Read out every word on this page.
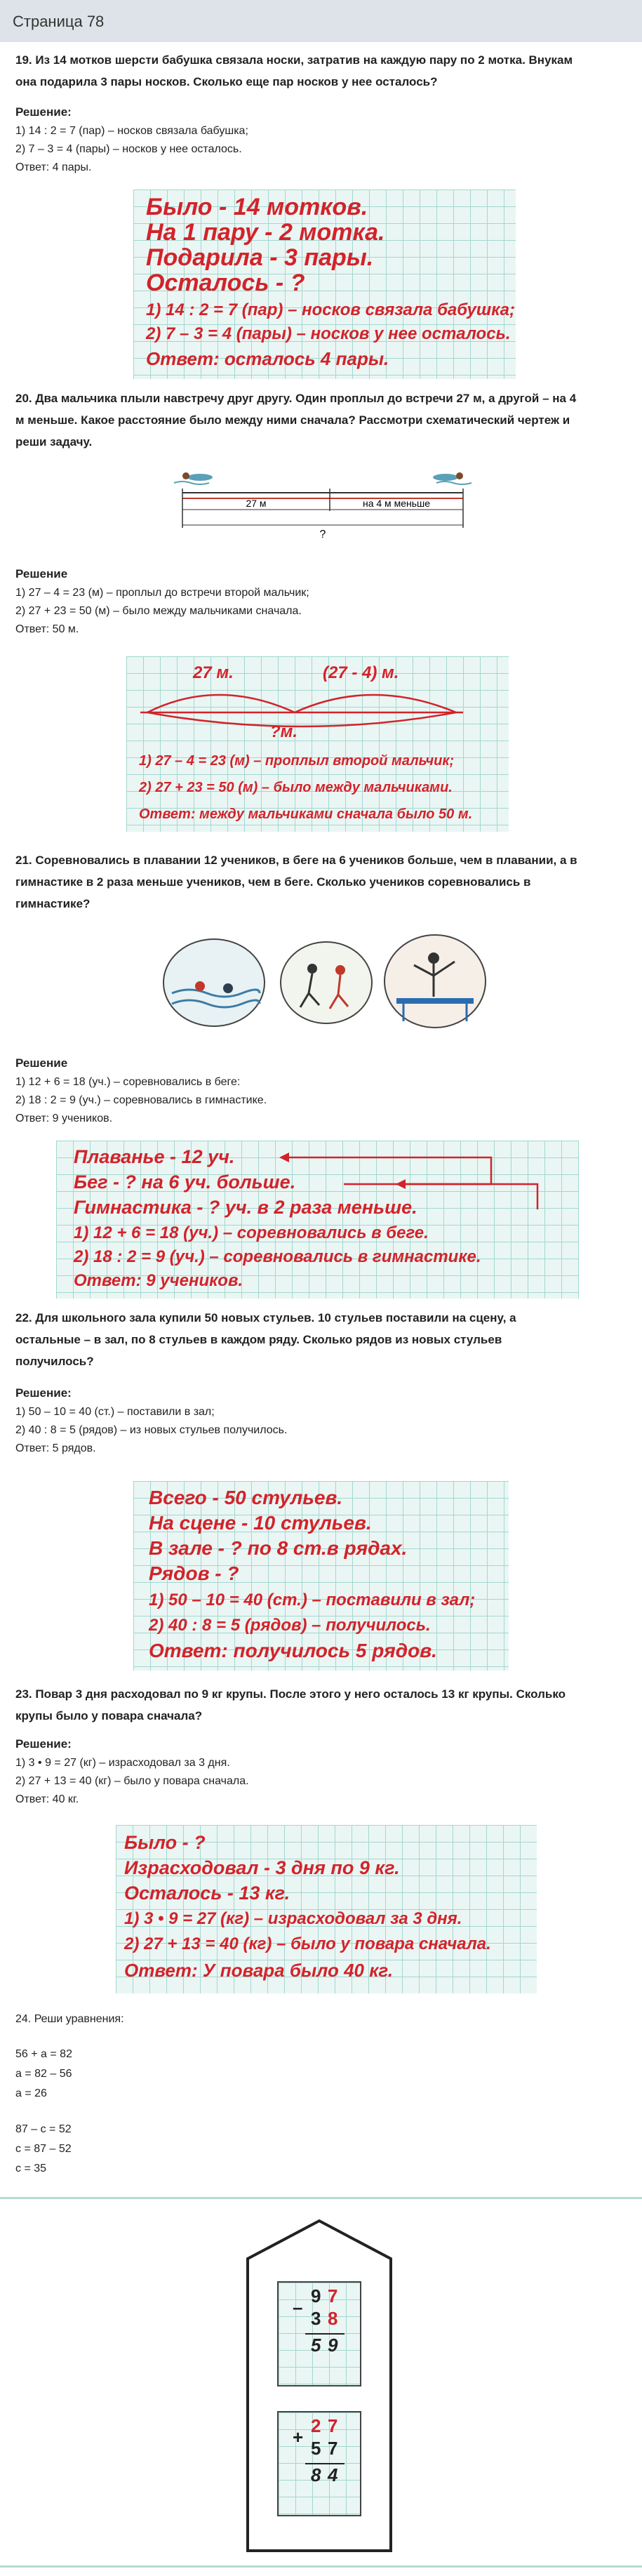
Страница 78
19. Из 14 мотков шерсти бабушка связала носки, затратив на каждую пару по 2 мотка. Внукам
она подарила 3 пары носков. Сколько еще пар носков у нее осталось?
Решение:
1) 14 : 2 = 7 (пар) – носков связала бабушка;
2) 7 – 3 = 4 (пары) – носков у нее осталось.
Ответ: 4 пары.
Было - 14 мотков.
На 1 пару - 2 мотка.
Подарила - 3 пары.
Осталось - ?
1) 14 : 2 = 7 (пар) – носков связала бабушка;
2) 7 – 3 = 4 (пары) – носков у нее осталось.
Ответ: осталось 4 пары.
20. Два мальчика плыли навстречу друг другу. Один проплыл до встречи 27 м, а другой – на 4
м меньше. Какое расстояние было между ними сначала? Рассмотри схематический чертеж и
реши задачу.
27 м	на 4 м меньше
?
Решение
1) 27 – 4 = 23 (м) – проплыл до встречи второй мальчик;
2) 27 + 23 = 50 (м) – было между мальчиками сначала.
Ответ: 50 м.
27 м.	(27 - 4) м.
?м.
1) 27 – 4 = 23 (м) – проплыл второй мальчик;
2) 27 + 23 = 50 (м) – было между мальчиками.
Ответ: между мальчиками сначала было 50 м.
21. Соревновались в плавании 12 учеников, в беге на 6 учеников больше, чем в плавании, а в
гимнастике в 2 раза меньше учеников, чем в беге. Сколько учеников соревновались в
гимнастике?
Решение
1) 12 + 6 = 18 (уч.) – соревновались в беге:
2) 18 : 2 = 9 (уч.) – соревновались в гимнастике.
Ответ: 9 учеников.
Плаванье - 12 уч.
Бег - ? на 6 уч. больше.
Гимнастика - ? уч. в 2 раза меньше.
1) 12 + 6 = 18 (уч.) – соревновались в беге.
2) 18 : 2 = 9 (уч.) – соревновались в гимнастике.
Ответ: 9 учеников.
22. Для школьного зала купили 50 новых стульев. 10 стульев поставили на сцену, а
остальные – в зал, по 8 стульев в каждом ряду. Сколько рядов из новых стульев
получилось?
Решение:
1) 50 – 10 = 40 (ст.) – поставили в зал;
2) 40 : 8 = 5 (рядов) – из новых стульев получилось.
Ответ: 5 рядов.
Всего - 50 стульев.
На сцене - 10 стульев.
В зале - ? по 8 ст.в рядах.
Рядов - ?
1) 50 – 10 = 40 (ст.) – поставили в зал;
2) 40 : 8 = 5 (рядов) – получилось.
Ответ: получилось 5 рядов.
23. Повар 3 дня расходовал по 9 кг крупы. После этого у него осталось 13 кг крупы. Сколько
крупы было у повара сначала?
Решение:
1) 3 • 9 = 27 (кг) – израсходовал за 3 дня.
2) 27 + 13 = 40 (кг) – было у повара сначала.
Ответ: 40 кг.
Было - ?
Израсходовал - 3 дня по 9 кг.
Осталось - 13 кг.
1) 3 • 9 = 27 (кг) – израсходовал за 3 дня.
2) 27 + 13 = 40 (кг) – было у повара сначала.
Ответ: У повара было 40 кг.
24. Реши уравнения:
56 + а = 82
а = 82 – 56
а = 26
87 – с = 52
с = 87 – 52
с = 35
7
9
–
3 8
5 9
2 7
+
5 7
8 4
